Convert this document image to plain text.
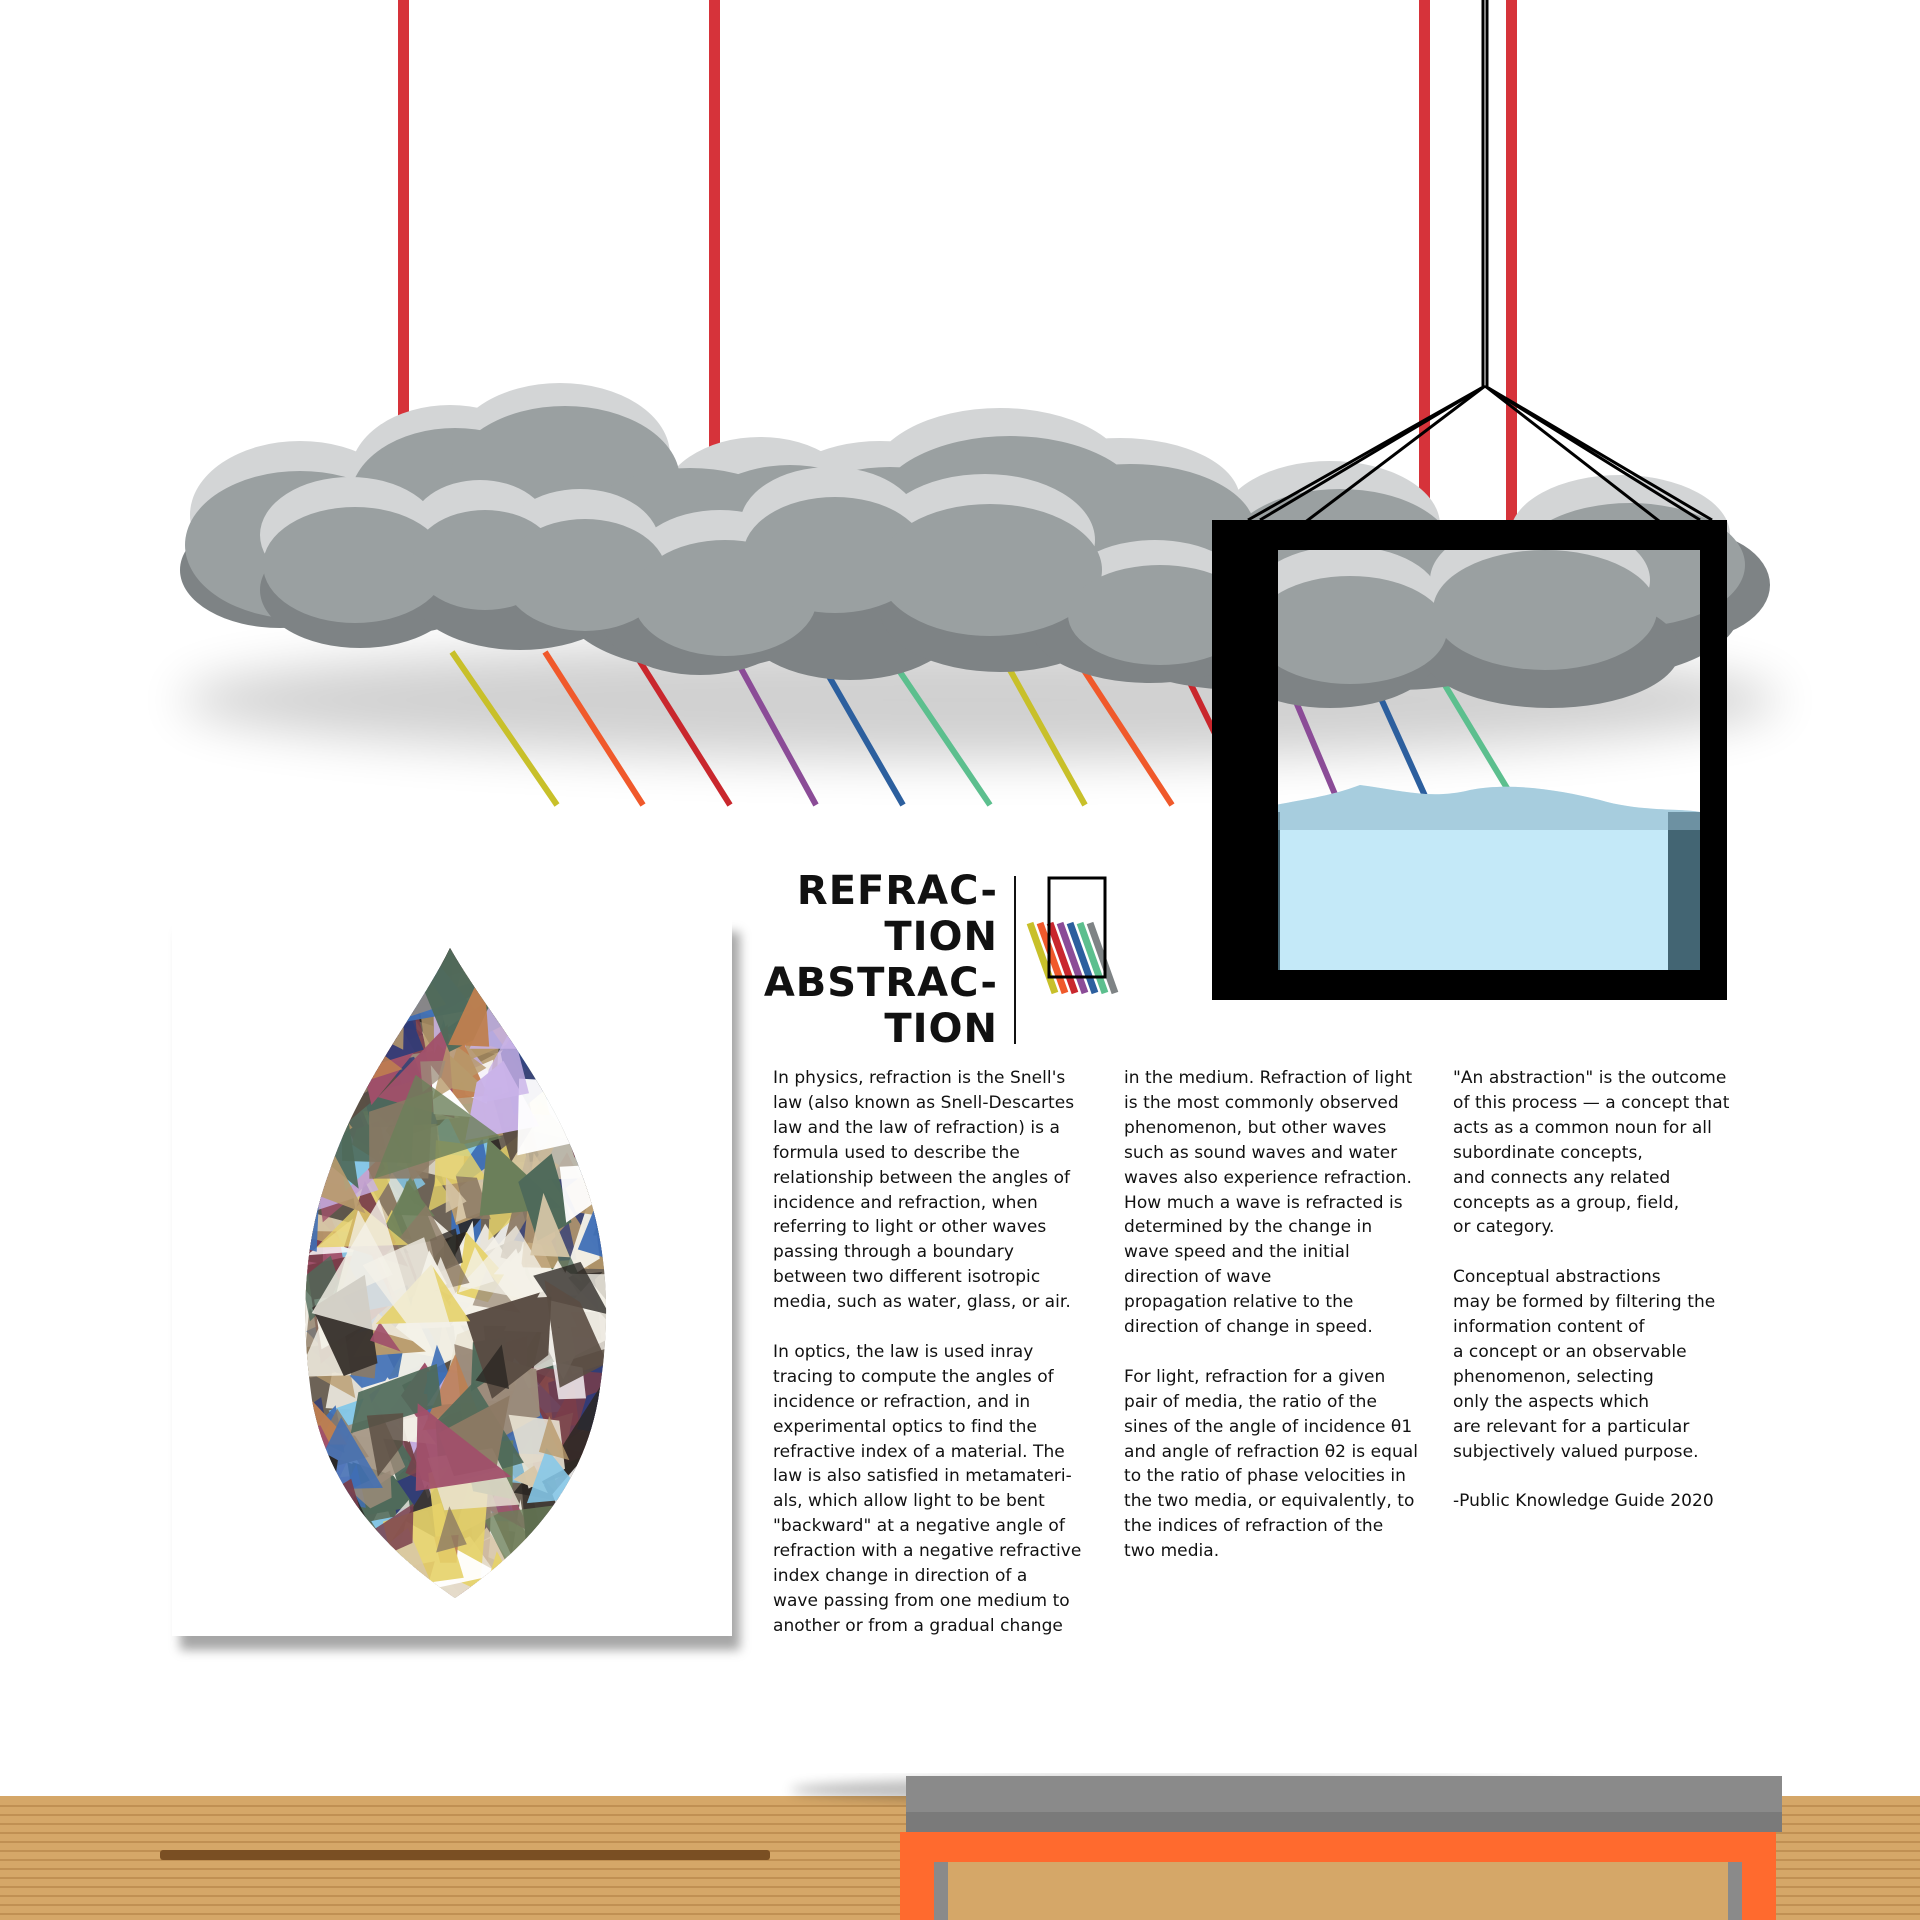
REFRAC-
TION
ABSTRAC-
TION

In physics, refraction is the Snell's
law (also known as Snell-Descartes
law and the law of refraction) is a
formula used to describe the
relationship between the angles of
incidence and refraction, when
referring to light or other waves
passing through a boundary
between two different isotropic
media, such as water, glass, or air.

In optics, the law is used inray
tracing to compute the angles of
incidence or refraction, and in
experimental optics to find the
refractive index of a material. The
law is also satisfied in metamateri-
als, which allow light to be bent
"backward" at a negative angle of
refraction with a negative refractive
index change in direction of a
wave passing from one medium to
another or from a gradual change

in the medium. Refraction of light
is the most commonly observed
phenomenon, but other waves
such as sound waves and water
waves also experience refraction.
How much a wave is refracted is
determined by the change in
wave speed and the initial
direction of wave
propagation relative to the
direction of change in speed.

For light, refraction for a given
pair of media, the ratio of the
sines of the angle of incidence θ1
and angle of refraction θ2 is equal
to the ratio of phase velocities in
the two media, or equivalently, to
the indices of refraction of the
two media.

"An abstraction" is the outcome
of this process — a concept that
acts as a common noun for all
subordinate concepts,
and connects any related
concepts as a group, field,
or category.

Conceptual abstractions
may be formed by filtering the
information content of
a concept or an observable
phenomenon, selecting
only the aspects which
are relevant for a particular
subjectively valued purpose.

-Public Knowledge Guide 2020
